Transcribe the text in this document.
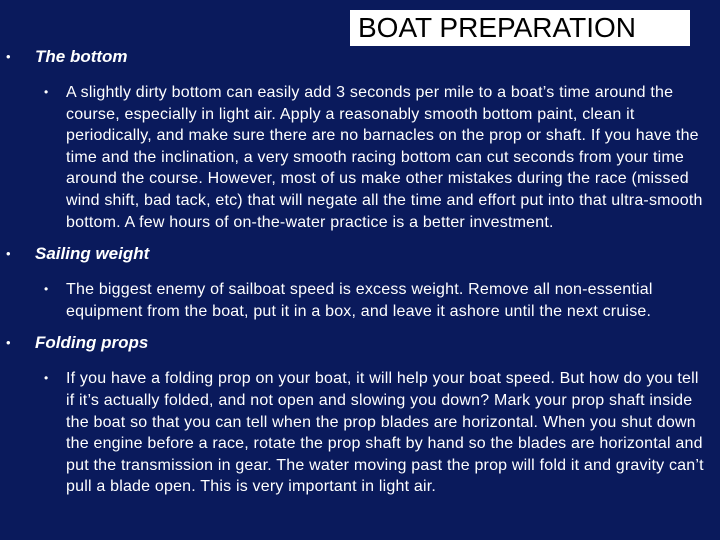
BOAT PREPARATION
• The bottom
• A slightly dirty bottom can easily add 3 seconds per mile to a boat’s time around the course, especially in light air. Apply a reasonably smooth bottom paint, clean it periodically, and make sure there are no barnacles on the prop or shaft. If you have the time and the inclination, a very smooth racing bottom can cut seconds from your time around the course. However, most of us make other mistakes during the race (missed wind shift, bad tack, etc) that will negate all the time and effort put into that ultra-smooth bottom. A few hours of on-the-water practice is a better investment.
• Sailing weight
• The biggest enemy of sailboat speed is excess weight. Remove all non-essential equipment from the boat, put it in a box, and leave it ashore until the next cruise.
• Folding props
• If you have a folding prop on your boat, it will help your boat speed. But how do you tell if it’s actually folded, and not open and slowing you down? Mark your prop shaft inside the boat so that you can tell when the prop blades are horizontal. When you shut down the engine before a race, rotate the prop shaft by hand so the blades are horizontal and put the transmission in gear. The water moving past the prop will fold it and gravity can’t pull a blade open. This is very important in light air.
